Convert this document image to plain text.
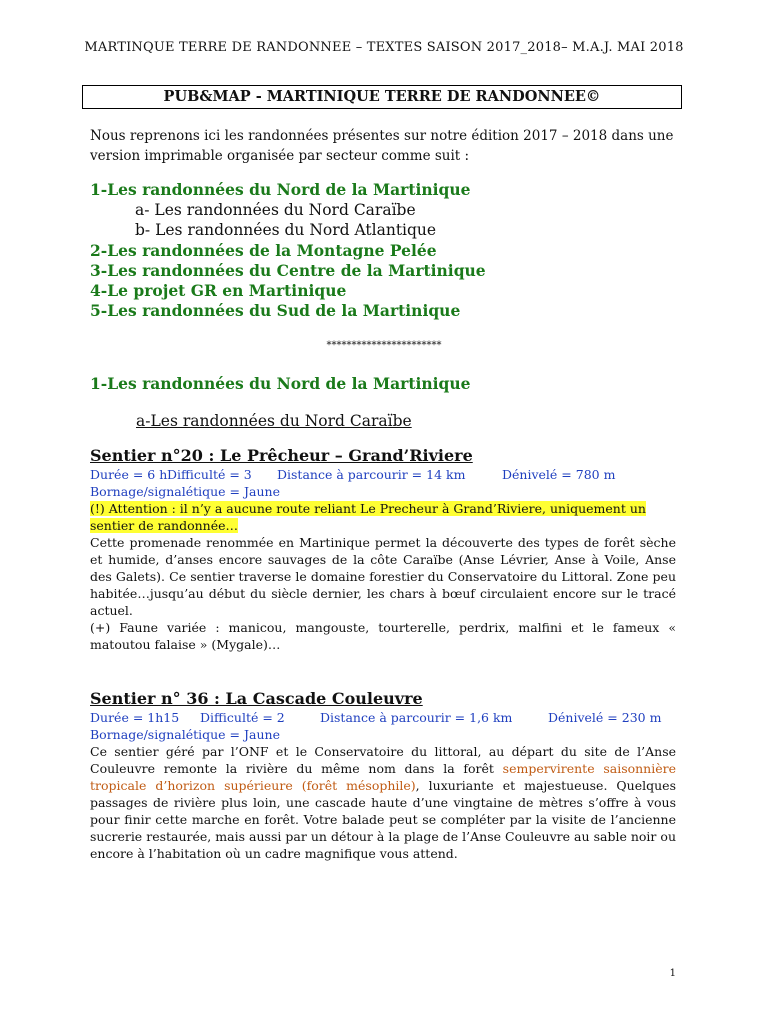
MARTINQUE TERRE DE RANDONNEE – TEXTES SAISON 2017_2018– M.A.J. MAI 2018
PUB&MAP - MARTINIQUE TERRE DE RANDONNEE©
Nous reprenons ici les randonnées présentes sur notre édition 2017 – 2018 dans une version imprimable organisée par secteur comme suit :
1-Les randonnées du Nord de la Martinique
a- Les randonnées du Nord Caraïbe
b- Les randonnées du Nord Atlantique
2-Les randonnées de la Montagne Pelée
3-Les randonnées du Centre de la Martinique
4-Le projet GR en Martinique
5-Les randonnées du Sud de la Martinique
***********************
1-Les randonnées du Nord de la Martinique
a-Les randonnées du Nord Caraïbe
Sentier n°20 : Le Prêcheur – Grand’Riviere
Durée = 6 hDifficulté = 3 Distance à parcourir = 14 km	Dénivelé = 780 m
Bornage/signalétique = Jaune
(!) Attention : il n’y a aucune route reliant Le Precheur à Grand’Riviere, uniquement un sentier de randonnée…
Cette promenade renommée en Martinique permet la découverte des types de forêt sèche et humide, d’anses encore sauvages de la côte Caraïbe (Anse Lévrier, Anse à Voile, Anse des Galets). Ce sentier traverse le domaine forestier du Conservatoire du Littoral. Zone peu habitée…jusqu’au début du siècle dernier, les chars à bœuf circulaient encore sur le tracé actuel.
(+) Faune variée : manicou, mangouste, tourterelle, perdrix, malfini et le fameux « matoutou falaise » (Mygale)…
Sentier n° 36 : La Cascade Couleuvre
Durée = 1h15 Difficulté = 2	Distance à parcourir = 1,6 km	Dénivelé = 230 m
Bornage/signalétique = Jaune
Ce sentier géré par l’ONF et le Conservatoire du littoral, au départ du site de l’Anse Couleuvre remonte la rivière du même nom dans la forêt sempervirente saisonnière tropicale d’horizon supérieure (forêt mésophile), luxuriante et majestueuse. Quelques passages de rivière plus loin, une cascade haute d’une vingtaine de mètres s’offre à vous pour finir cette marche en forêt. Votre balade peut se compléter par la visite de l’ancienne sucrerie restaurée, mais aussi par un détour à la plage de l’Anse Couleuvre au sable noir ou encore à l’habitation où un cadre magnifique vous attend.
1
